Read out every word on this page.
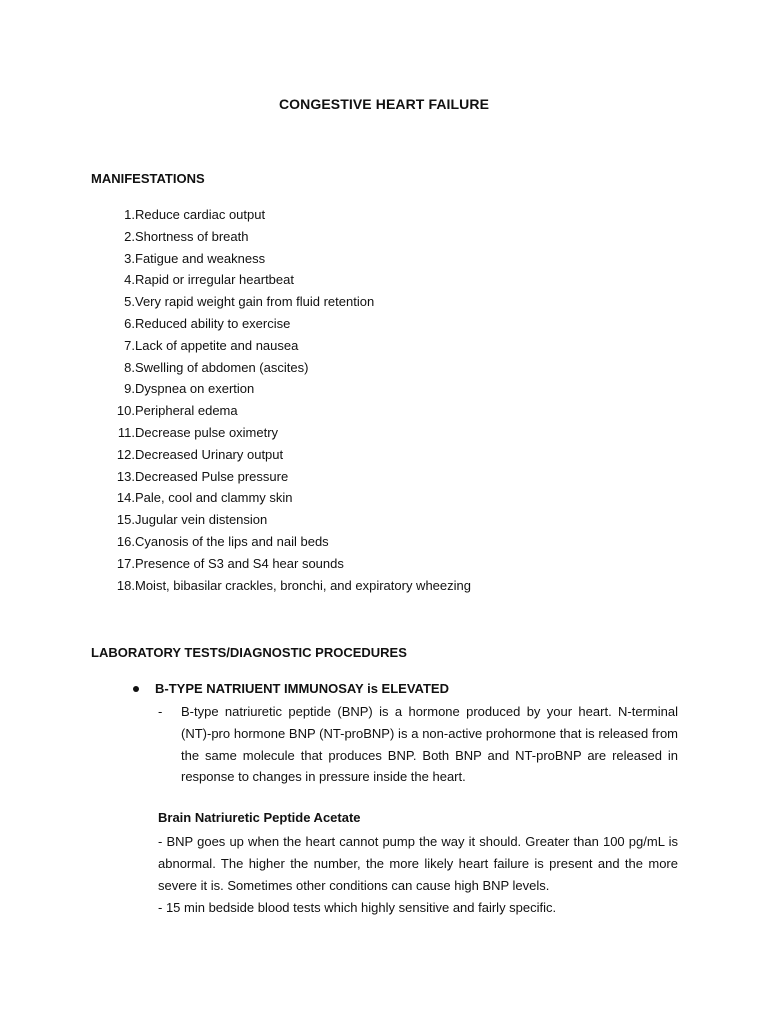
CONGESTIVE HEART FAILURE
MANIFESTATIONS
1. Reduce cardiac output
2. Shortness of breath
3. Fatigue and weakness
4. Rapid or irregular heartbeat
5. Very rapid weight gain from fluid retention
6. Reduced ability to exercise
7. Lack of appetite and nausea
8. Swelling of abdomen (ascites)
9. Dyspnea on exertion
10. Peripheral edema
11. Decrease pulse oximetry
12. Decreased Urinary output
13. Decreased Pulse pressure
14. Pale, cool and clammy skin
15. Jugular vein distension
16. Cyanosis of the lips and nail beds
17. Presence of S3 and S4 hear sounds
18. Moist, bibasilar crackles, bronchi, and expiratory wheezing
LABORATORY TESTS/DIAGNOSTIC PROCEDURES
B-TYPE NATRIUENT IMMUNOSAY is ELEVATED
- B-type natriuretic peptide (BNP) is a hormone produced by your heart. N-terminal (NT)-pro hormone BNP (NT-proBNP) is a non-active prohormone that is released from the same molecule that produces BNP. Both BNP and NT-proBNP are released in response to changes in pressure inside the heart.
Brain Natriuretic Peptide Acetate
- BNP goes up when the heart cannot pump the way it should. Greater than 100 pg/mL is abnormal. The higher the number, the more likely heart failure is present and the more severe it is. Sometimes other conditions can cause high BNP levels.
- 15 min bedside blood tests which highly sensitive and fairly specific.
